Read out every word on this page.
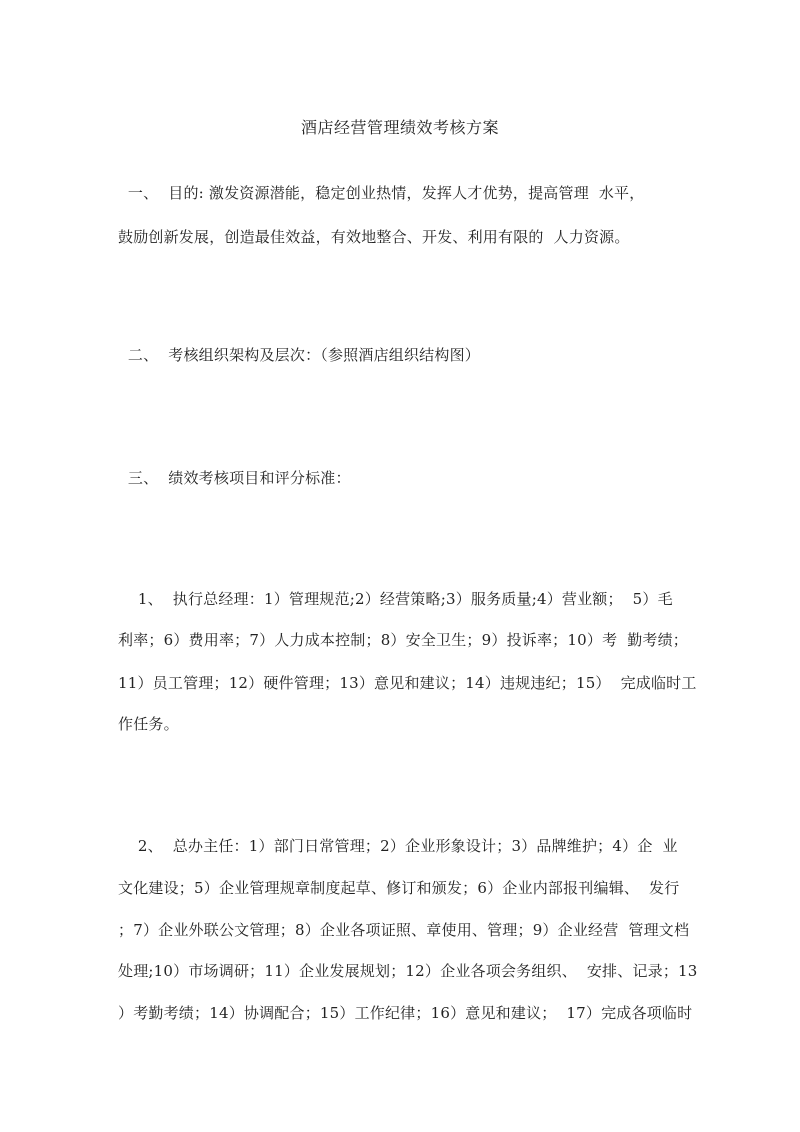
酒店经营管理绩效考核方案
一、  目的: 激发资源潜能，稳定创业热情，发挥人才优势，提高管理  水平，
鼓励创新发展，创造最佳效益，有效地整合、开发、利用有限的  人力资源。
二、  考核组织架构及层次：（参照酒店组织结构图）
三、  绩效考核项目和评分标准：
1、  执行总经理：1）管理规范;2）经营策略;3）服务质量;4）营业额；  5）毛
利率；6）费用率；7）人力成本控制；8）安全卫生；9）投诉率；10）考  勤考绩；
11）员工管理；12）硬件管理；13）意见和建议；14）违规违纪；15）  完成临时工
作任务。
2、  总办主任：1）部门日常管理；2）企业形象设计；3）品牌维护；4）企  业
文化建设；5）企业管理规章制度起草、修订和颁发；6）企业内部报刊编辑、  发行
；7）企业外联公文管理；8）企业各项证照、章使用、管理；9）企业经营  管理文档
处理;10）市场调研；11）企业发展规划；12）企业各项会务组织、  安排、记录；13
）考勤考绩；14）协调配合；15）工作纪律；16）意见和建议；  17）完成各项临时
